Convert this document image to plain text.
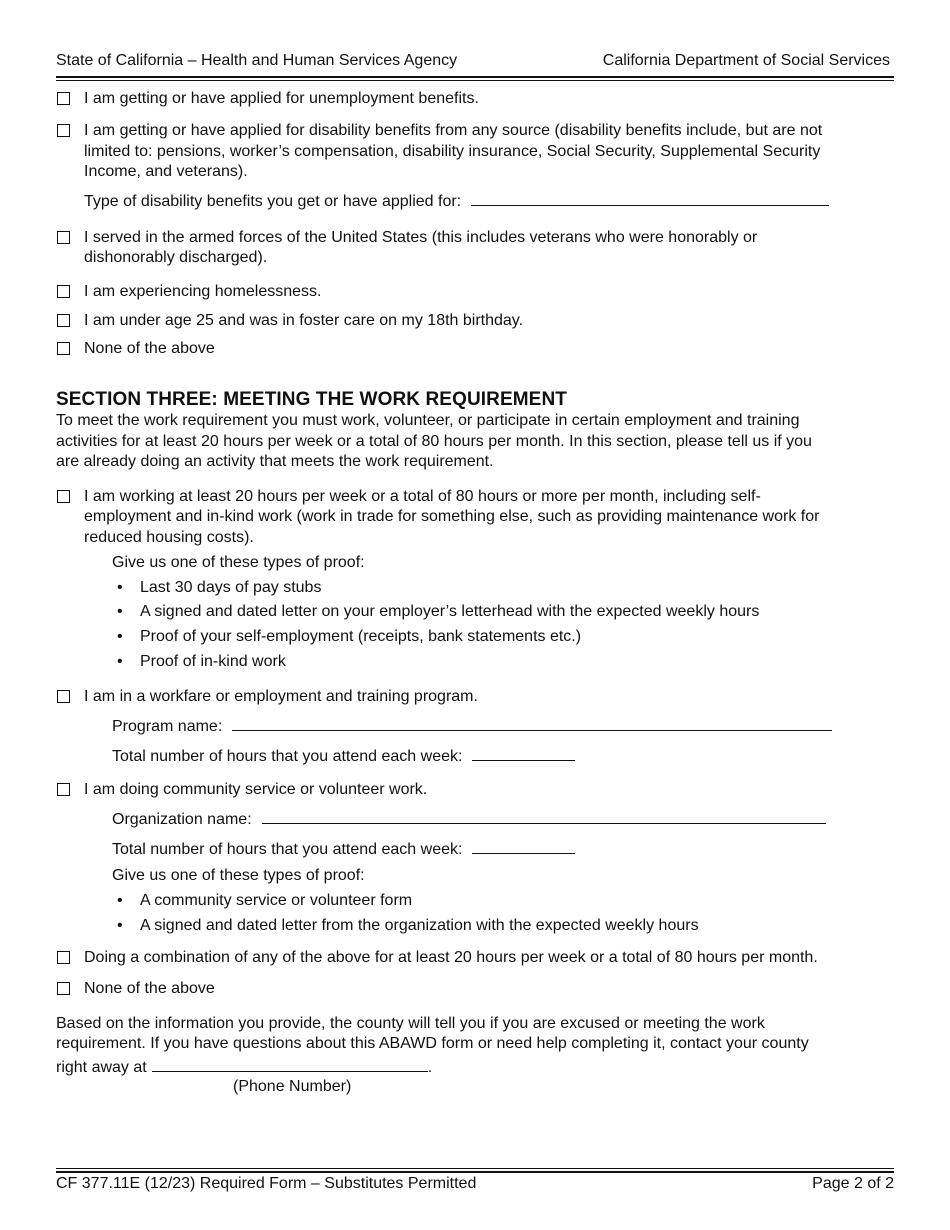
State of California – Health and Human Services Agency	California Department of Social Services
I am getting or have applied for unemployment benefits.
I am getting or have applied for disability benefits from any source (disability benefits include, but are not
limited to: pensions, worker’s compensation, disability insurance, Social Security, Supplemental Security
Income, and veterans).
Type of disability benefits you get or have applied for:
I served in the armed forces of the United States (this includes veterans who were honorably or
dishonorably discharged).
I am experiencing homelessness.
I am under age 25 and was in foster care on my 18th birthday.
None of the above
SECTION THREE: MEETING THE WORK REQUIREMENT
To meet the work requirement you must work, volunteer, or participate in certain employment and training
activities for at least 20 hours per week or a total of 80 hours per month. In this section, please tell us if you
are already doing an activity that meets the work requirement.
I am working at least 20 hours per week or a total of 80 hours or more per month, including self-
employment and in-kind work (work in trade for something else, such as providing maintenance work for
reduced housing costs).
Give us one of these types of proof:
• Last 30 days of pay stubs
• A signed and dated letter on your employer’s letterhead with the expected weekly hours
• Proof of your self-employment (receipts, bank statements etc.)
• Proof of in-kind work
I am in a workfare or employment and training program.
Program name:
Total number of hours that you attend each week:
I am doing community service or volunteer work.
Organization name:
Total number of hours that you attend each week:
Give us one of these types of proof:
• A community service or volunteer form
• A signed and dated letter from the organization with the expected weekly hours
Doing a combination of any of the above for at least 20 hours per week or a total of 80 hours per month.
None of the above
Based on the information you provide, the county will tell you if you are excused or meeting the work
requirement. If you have questions about this ABAWD form or need help completing it, contact your county
right away at	.
(Phone Number)
CF 377.11E (12/23) Required Form – Substitutes Permitted	Page 2 of 2
